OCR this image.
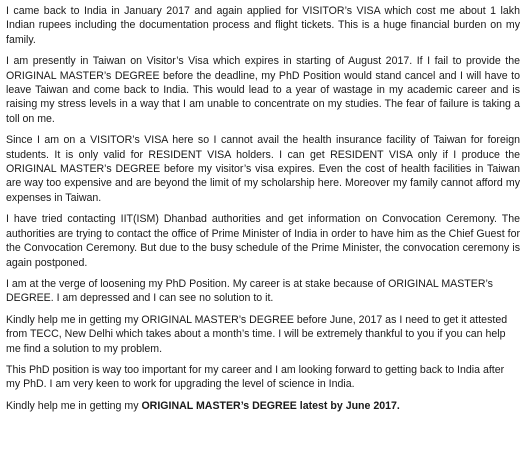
I came back to India in January 2017 and again applied for VISITOR’s VISA which cost me about 1 lakh Indian rupees including the documentation process and flight tickets. This is a huge financial burden on my family.

I am presently in Taiwan on Visitor’s Visa which expires in starting of August 2017. If I fail to provide the ORIGINAL MASTER’s DEGREE before the deadline, my PhD Position would stand cancel and I will have to leave Taiwan and come back to India. This would lead to a year of wastage in my academic career and is raising my stress levels in a way that I am unable to concentrate on my studies. The fear of failure is taking a toll on me.

Since I am on a VISITOR’s VISA here so I cannot avail the health insurance facility of Taiwan for foreign students. It is only valid for RESIDENT VISA holders. I can get RESIDENT VISA only if I produce the ORIGINAL MASTER’s DEGREE before my visitor’s visa expires. Even the cost of health facilities in Taiwan are way too expensive and are beyond the limit of my scholarship here. Moreover my family cannot afford my expenses in Taiwan.

I have tried contacting IIT(ISM) Dhanbad authorities and get information on Convocation Ceremony. The authorities are trying to contact the office of Prime Minister of India in order to have him as the Chief Guest for the Convocation Ceremony. But due to the busy schedule of the Prime Minister, the convocation ceremony is again postponed.

I am at the verge of loosening my PhD Position. My career is at stake because of ORIGINAL MASTER’s DEGREE. I am depressed and I can see no solution to it.

Kindly help me in getting my ORIGINAL MASTER’s DEGREE before June, 2017 as I need to get it attested from TECC, New Delhi which takes about a month’s time. I will be extremely thankful to you if you can help me find a solution to my problem.

This PhD position is way too important for my career and I am looking forward to getting back to India after my PhD. I am very keen to work for upgrading the level of science in India.

Kindly help me in getting my ORIGINAL MASTER’s DEGREE latest by June 2017.
